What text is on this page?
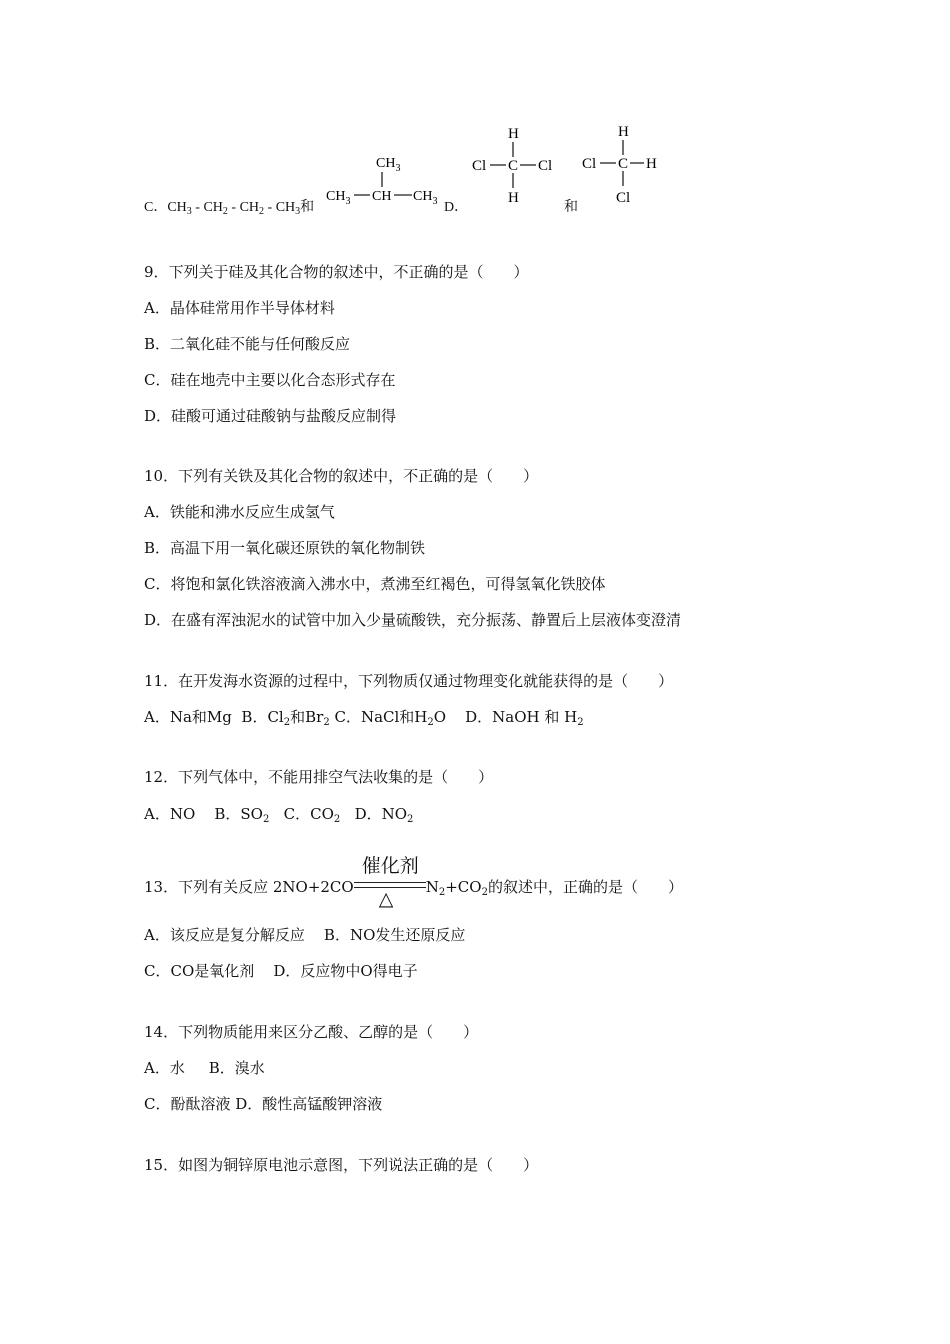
C．$CH_3 - CH_2 - CH_2 - CH_3$和
$CH_3$
$CH_3$ CH $CH_3$ D．
H
Cl C Cl
H
和
H
Cl C H
Cl
9．下列关于硅及其化合物的叙述中，不正确的是（　　）
A．晶体硅常用作半导体材料
B．二氧化硅不能与任何酸反应
C．硅在地壳中主要以化合态形式存在
D．硅酸可通过硅酸钠与盐酸反应制得
10．下列有关铁及其化合物的叙述中，不正确的是（　　）
A．铁能和沸水反应生成氢气
B．高温下用一氧化碳还原铁的氧化物制铁
C．将饱和氯化铁溶液滴入沸水中，煮沸至红褐色，可得氢氧化铁胶体
D．在盛有浑浊泥水的试管中加入少量硫酸铁，充分振荡、静置后上层液体变澄清
11．在开发海水资源的过程中，下列物质仅通过物理变化就能获得的是（　　）
A．Na和Mg B．$Cl_2$和$Br_2$ C．NaCl和$H_2O$ D．NaOH 和 $H_2$
12．下列气体中，不能用排空气法收集的是（　　）
A．NO B．$SO_2$ C．$CO_2$ D．$NO_2$
13．下列有关反应 2NO+2CO
催化剂
△
$N_2+CO_2$的叙述中，正确的是（　　）
A．该反应是复分解反应 B．NO发生还原反应
C．CO是氧化剂 D．反应物中O得电子
14．下列物质能用来区分乙酸、乙醇的是（　　）
A．水 B．溴水
C．酚酞溶液 D．酸性高锰酸钾溶液
15．如图为铜锌原电池示意图，下列说法正确的是（　　）
